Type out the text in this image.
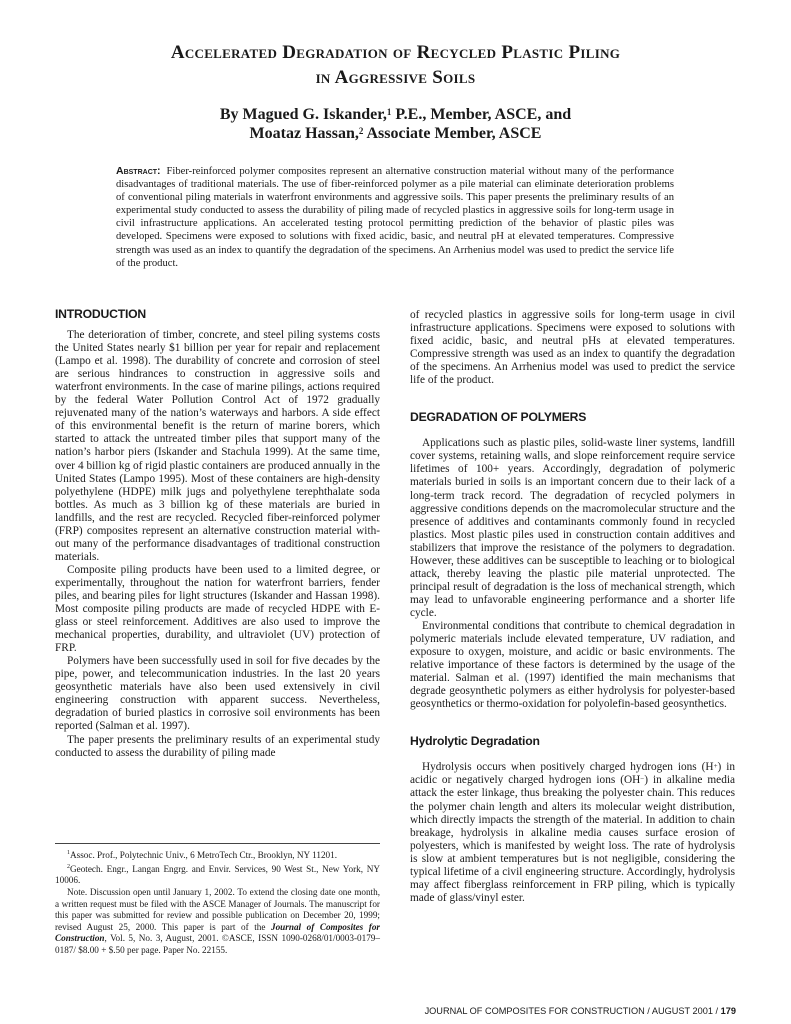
Accelerated Degradation of Recycled Plastic Piling
in Aggressive Soils
By Magued G. Iskander,$^1$ P.E., Member, ASCE, and
Moataz Hassan,$^2$ Associate Member, ASCE
Abstract: Fiber-reinforced polymer composites represent an alternative construction material without many of the performance disadvantages of traditional materials. The use of fiber-reinforced polymer as a pile material can eliminate deterioration problems of conventional piling materials in waterfront environments and aggressive soils. This paper presents the preliminary results of an experimental study conducted to assess the durability of piling made of recycled plastics in aggressive soils for long-term usage in civil infrastructure applications. An accelerated testing protocol permitting prediction of the behavior of plastic piles was developed. Specimens were exposed to solutions with fixed acidic, basic, and neutral pH at elevated temperatures. Compressive strength was used as an index to quantify the degradation of the specimens. An Arrhenius model was used to predict the service life of the product.
INTRODUCTION

The deterioration of timber, concrete, and steel piling systems costs the United States nearly $1 billion per year for repair and replacement (Lampo et al. 1998). The durability of concrete and corrosion of steel are serious hindrances to construction in aggressive soils and waterfront environments. In the case of marine pilings, actions required by the federal Water Pollution Control Act of 1972 gradually rejuvenated many of the nation’s waterways and harbors. A side effect of this environmental benefit is the return of marine borers, which started to attack the untreated timber piles that support many of the nation’s harbor piers (Iskander and Stachula 1999). At the same time, over 4 billion kg of rigid plastic containers are produced annually in the United States (Lampo 1995). Most of these containers are high-density polyethylene (HDPE) milk jugs and polyethylene terephthalate soda bottles. As much as 3 billion kg of these materials are buried in landfills, and the rest are recycled. Recycled fiber-reinforced polymer (FRP) composites represent an alternative construction material without many of the performance disadvantages of traditional construction materials.

Composite piling products have been used to a limited degree, or experimentally, throughout the nation for waterfront barriers, fender piles, and bearing piles for light structures (Iskander and Hassan 1998). Most composite piling products are made of recycled HDPE with E-glass or steel reinforcement. Additives are also used to improve the mechanical properties, durability, and ultraviolet (UV) protection of FRP.

Polymers have been successfully used in soil for five decades by the pipe, power, and telecommunication industries. In the last 20 years geosynthetic materials have also been used extensively in civil engineering construction with apparent success. Nevertheless, degradation of buried plastics in corrosive soil environments has been reported (Salman et al. 1997).

The paper presents the preliminary results of an experimental study conducted to assess the durability of piling made

$^1$Assoc. Prof., Polytechnic Univ., 6 MetroTech Ctr., Brooklyn, NY 11201.

$^2$Geotech. Engr., Langan Engrg. and Envir. Services, 90 West St., New York, NY 10006.

Note. Discussion open until January 1, 2002. To extend the closing date one month, a written request must be filed with the ASCE Manager of Journals. The manuscript for this paper was submitted for review and possible publication on December 20, 1999; revised August 25, 2000. This paper is part of the Journal of Composites for Construction, Vol. 5, No. 3, August, 2001. ©ASCE, ISSN 1090-0268/01/0003-0179–0187/ $8.00 + $.50 per page. Paper No. 22155.

of recycled plastics in aggressive soils for long-term usage in civil infrastructure applications. Specimens were exposed to solutions with fixed acidic, basic, and neutral pHs at elevated temperatures. Compressive strength was used as an index to quantify the degradation of the specimens. An Arrhenius model was used to predict the service life of the product.

DEGRADATION OF POLYMERS

Applications such as plastic piles, solid-waste liner systems, landfill cover systems, retaining walls, and slope reinforcement require service lifetimes of 100+ years. Accordingly, degradation of polymeric materials buried in soils is an important concern due to their lack of a long-term track record. The degradation of recycled polymers in aggressive conditions depends on the macromolecular structure and the presence of additives and contaminants commonly found in recycled plastics. Most plastic piles used in construction contain additives and stabilizers that improve the resistance of the polymers to degradation. However, these additives can be susceptible to leaching or to biological attack, thereby leaving the plastic pile material unprotected. The principal result of degradation is the loss of mechanical strength, which may lead to unfavorable engineering performance and a shorter life cycle.

Environmental conditions that contribute to chemical degradation in polymeric materials include elevated temperature, UV radiation, and exposure to oxygen, moisture, and acidic or basic environments. The relative importance of these factors is determined by the usage of the material. Salman et al. (1997) identified the main mechanisms that degrade geosynthetic polymers as either hydrolysis for polyester-based geosynthetics or thermo-oxidation for polyolefin-based geosynthetics.

Hydrolytic Degradation

Hydrolysis occurs when positively charged hydrogen ions (H+) in acidic or negatively charged hydrogen ions (OH−) in alkaline media attack the ester linkage, thus breaking the polyester chain. This reduces the polymer chain length and alters its molecular weight distribution, which directly impacts the strength of the material. In addition to chain breakage, hydrolysis in alkaline media causes surface erosion of polyesters, which is manifested by weight loss. The rate of hydrolysis is slow at ambient temperatures but is not negligible, considering the typical lifetime of a civil engineering structure. Accordingly, hydrolysis may affect fiberglass reinforcement in FRP piling, which is typically made of glass/vinyl ester.

JOURNAL OF COMPOSITES FOR CONSTRUCTION / AUGUST 2001 / 179
